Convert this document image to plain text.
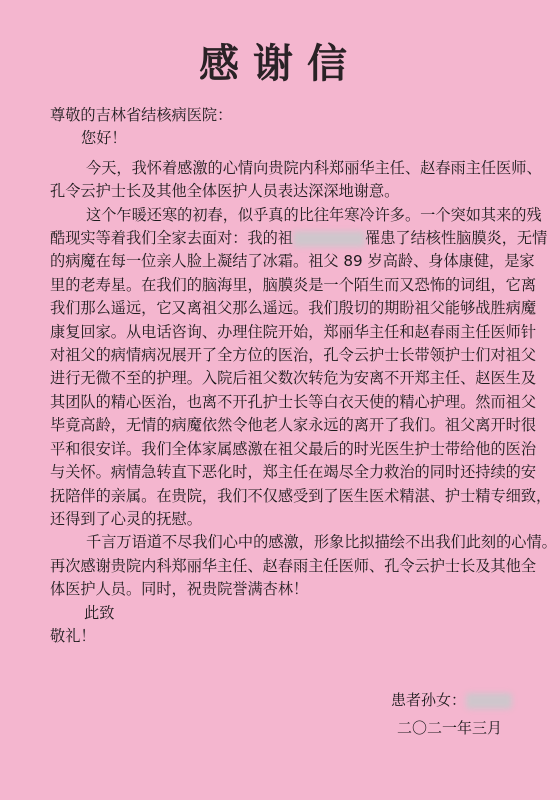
感谢信
尊敬的吉林省结核病医院：
您好！
今天，我怀着感激的心情向贵院内科郑丽华主任、赵春雨主任医师、
孔令云护士长及其他全体医护人员表达深深地谢意。
这个乍暖还寒的初春，似乎真的比往年寒冷许多。一个突如其来的残
酷现实等着我们全家去面对：我的祖	罹患了结核性脑膜炎，无情
的病魔在每一位亲人脸上凝结了冰霜。祖父 89 岁高龄、身体康健，是家
里的老寿星。在我们的脑海里，脑膜炎是一个陌生而又恐怖的词组，它离
我们那么遥远，它又离祖父那么遥远。我们殷切的期盼祖父能够战胜病魔
康复回家。从电话咨询、办理住院开始，郑丽华主任和赵春雨主任医师针
对祖父的病情病况展开了全方位的医治，孔令云护士长带领护士们对祖父
进行无微不至的护理。入院后祖父数次转危为安离不开郑主任、赵医生及
其团队的精心医治，也离不开孔护士长等白衣天使的精心护理。然而祖父
毕竟高龄，无情的病魔依然令他老人家永远的离开了我们。祖父离开时很
平和很安详。我们全体家属感激在祖父最后的时光医生护士带给他的医治
与关怀。病情急转直下恶化时，郑主任在竭尽全力救治的同时还持续的安
抚陪伴的亲属。在贵院，我们不仅感受到了医生医术精湛、护士精专细致，
还得到了心灵的抚慰。
千言万语道不尽我们心中的感激，形象比拟描绘不出我们此刻的心情。
再次感谢贵院内科郑丽华主任、赵春雨主任医师、孔令云护士长及其他全
体医护人员。同时，祝贵院誉满杏林！
此致
敬礼！
患者孙女：
二〇二一年三月
